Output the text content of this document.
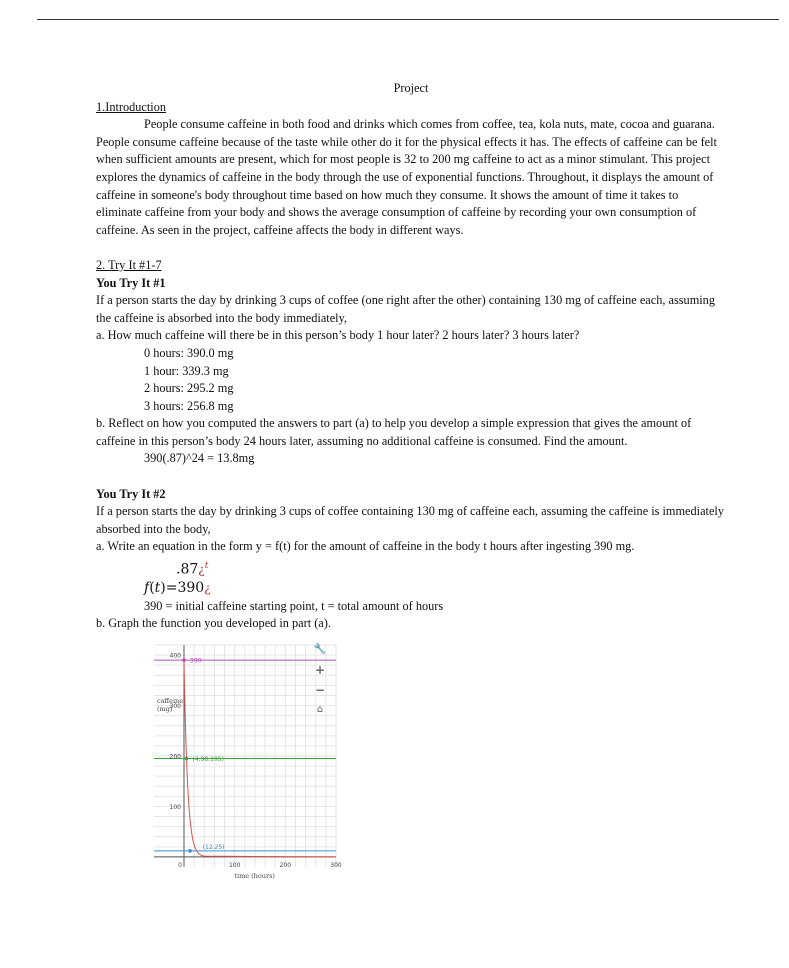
Project
1.Introduction

People consume caffeine in both food and drinks which comes from coffee, tea, kola nuts, mate, cocoa and guarana. People consume caffeine because of the taste while other do it for the physical effects it has. The effects of caffeine can be felt when sufficient amounts are present, which for most people is 32 to 200 mg caffeine to act as a minor stimulant. This project explores the dynamics of caffeine in the body through the use of exponential functions. Throughout, it displays the amount of caffeine in someone's body throughout time based on how much they consume. It shows the amount of time it takes to eliminate caffeine from your body and shows the average consumption of caffeine by recording your own consumption of caffeine. As seen in the project, caffeine affects the body in different ways.

2. Try It #1-7
You Try It #1

If a person starts the day by drinking 3 cups of coffee (one right after the other) containing 130 mg of caffeine each, assuming the caffeine is absorbed into the body immediately,

a. How much caffeine will there be in this person’s body 1 hour later? 2 hours later? 3 hours later?

0 hours: 390.0 mg
1 hour: 339.3 mg
2 hours: 295.2 mg
3 hours: 256.8 mg

b. Reflect on how you computed the answers to part (a) to help you develop a simple expression that gives the amount of caffeine in this person’s body 24 hours later, assuming no additional caffeine is consumed. Find the amount.

390(.87)^24 = 13.8mg
You Try It #2

If a person starts the day by drinking 3 cups of coffee containing 130 mg of caffeine each, assuming the caffeine is immediately absorbed into the body,

a. Write an equation in the form y = f(t) for the amount of caffeine in the body t hours after ingesting 390 mg.

.87¿$^t$
f(t)=390¿
390 = initial caffeine starting point, t = total amount of hours

b. Graph the function you developed in part (a).

100
200
300
400
0	100	200	300
time (hours)
caffeine (mg)
390
(4.98,195)
(12.25)
🔧
+
−
⌂
